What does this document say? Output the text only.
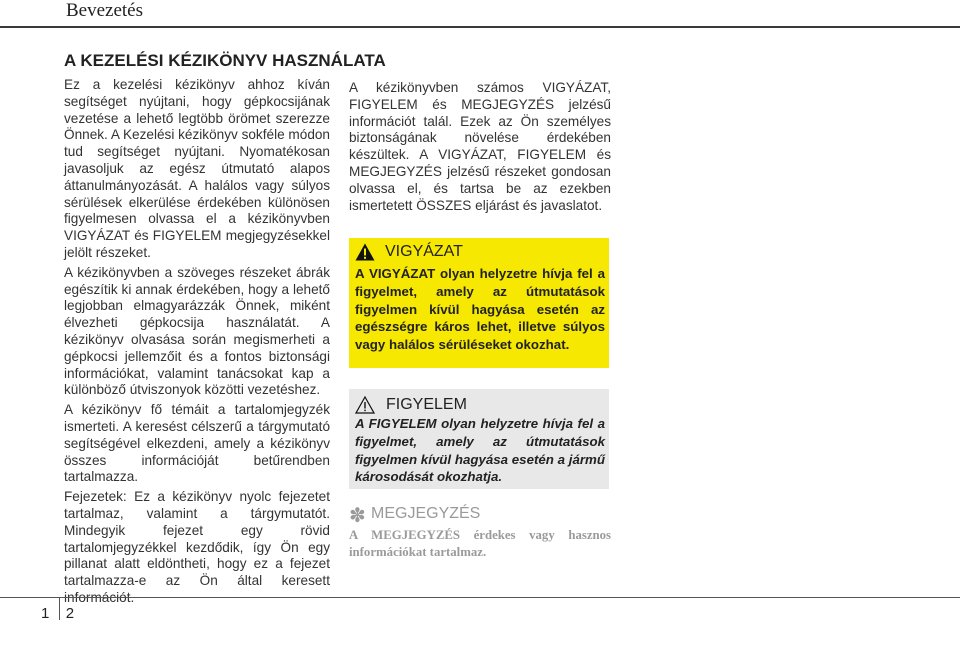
Bevezetés
A KEZELÉSI KÉZIKÖNYV HASZNÁLATA

Ez a kezelési kézikönyv ahhoz kíván segítséget nyújtani, hogy gépkocsijának vezetése a lehető legtöbb örömet szerezze Önnek. A Kezelési kézikönyv sokféle módon tud segítséget nyújtani. Nyomatékosan javasoljuk az egész útmutató alapos áttanulmányozását. A halálos vagy súlyos sérülések elkerülése érdekében különösen figyelmesen olvassa el a kézikönyvben VIGYÁZAT és FIGYELEM megjegyzésekkel jelölt részeket.

A kézikönyvben a szöveges részeket ábrák egészítik ki annak érdekében, hogy a lehető legjobban elmagyarázzák Önnek, miként élvezheti gépkocsija használatát. A kézikönyv olvasása során megismerheti a gépkocsi jellemzőit és a fontos biztonsági információkat, valamint tanácsokat kap a különböző útviszonyok közötti vezetéshez.

A kézikönyv fő témáit a tartalomjegyzék ismerteti. A keresést célszerű a tárgymutató segítségével elkezdeni, amely a kézikönyv összes információját betűrendben tartalmazza.

Fejezetek: Ez a kézikönyv nyolc fejezetet tartalmaz, valamint a tárgymutatót. Mindegyik fejezet egy rövid tartalomjegyzékkel kezdődik, így Ön egy pillanat alatt eldöntheti, hogy ez a fejezet tartalmazza-e az Ön által keresett információt.

A kézikönyvben számos VIGYÁZAT, FIGYELEM és MEGJEGYZÉS jelzésű információt talál. Ezek az Ön személyes biztonságának növelése érdekében készültek. A VIGYÁZAT, FIGYELEM és MEGJEGYZÉS jelzésű részeket gondosan olvassa el, és tartsa be az ezekben ismertetett ÖSSZES eljárást és javaslatot.

VIGYÁZAT

A VIGYÁZAT olyan helyzetre hívja fel a figyelmet, amely az útmutatások figyelmen kívül hagyása esetén az egészségre káros lehet, illetve súlyos vagy halálos sérüléseket okozhat.

FIGYELEM

A FIGYELEM olyan helyzetre hívja fel a figyelmet, amely az útmutatások figyelmen kívül hagyása esetén a jármű károsodását okozhatja.

✽ MEGJEGYZÉS

A MEGJEGYZÉS érdekes vagy hasznos információkat tartalmaz.

1 2
